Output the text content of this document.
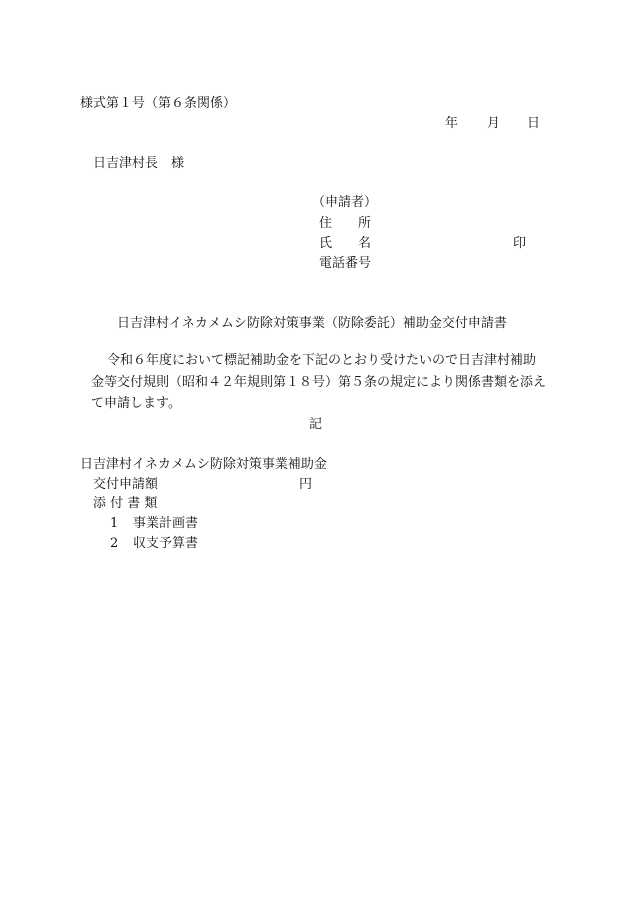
様式第１号（第６条関係）
年 月 日
日吉津村長　様
（申請者）
住 所
氏 名	印
電話番号
日吉津村イネカメムシ防除対策事業（防除委託）補助金交付申請書
令和６年度において標記補助金を下記のとおり受けたいので日吉津村補助
金等交付規則（昭和４２年規則第１８号）第５条の規定により関係書類を添え
て申請します。
記
日吉津村イネカメムシ防除対策事業補助金
交付申請額	円
添 付 書 類
1 事業計画書
2 収支予算書
